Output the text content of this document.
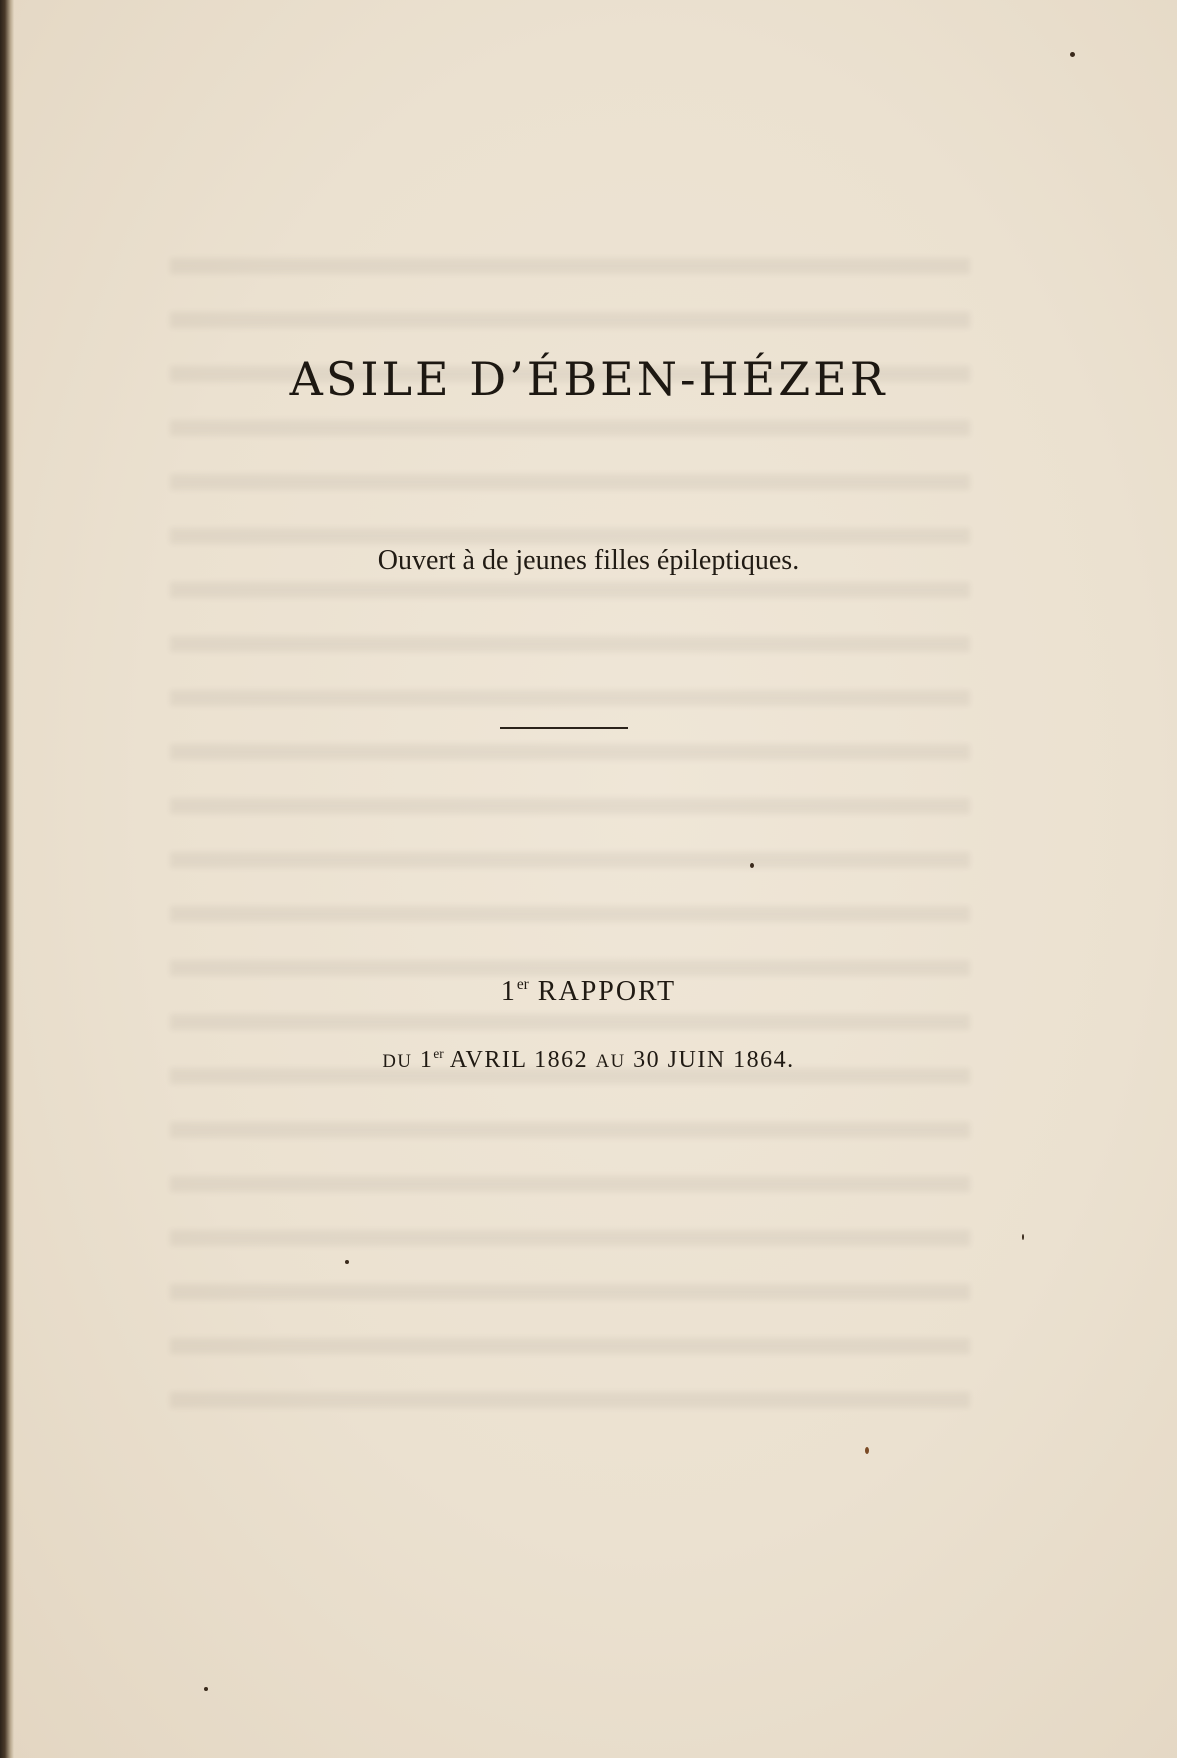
ASILE D’ÉBEN-HÉZER
Ouvert à de jeunes filles épileptiques.
1er RAPPORT
DU 1er AVRIL 1862 AU 30 JUIN 1864.
